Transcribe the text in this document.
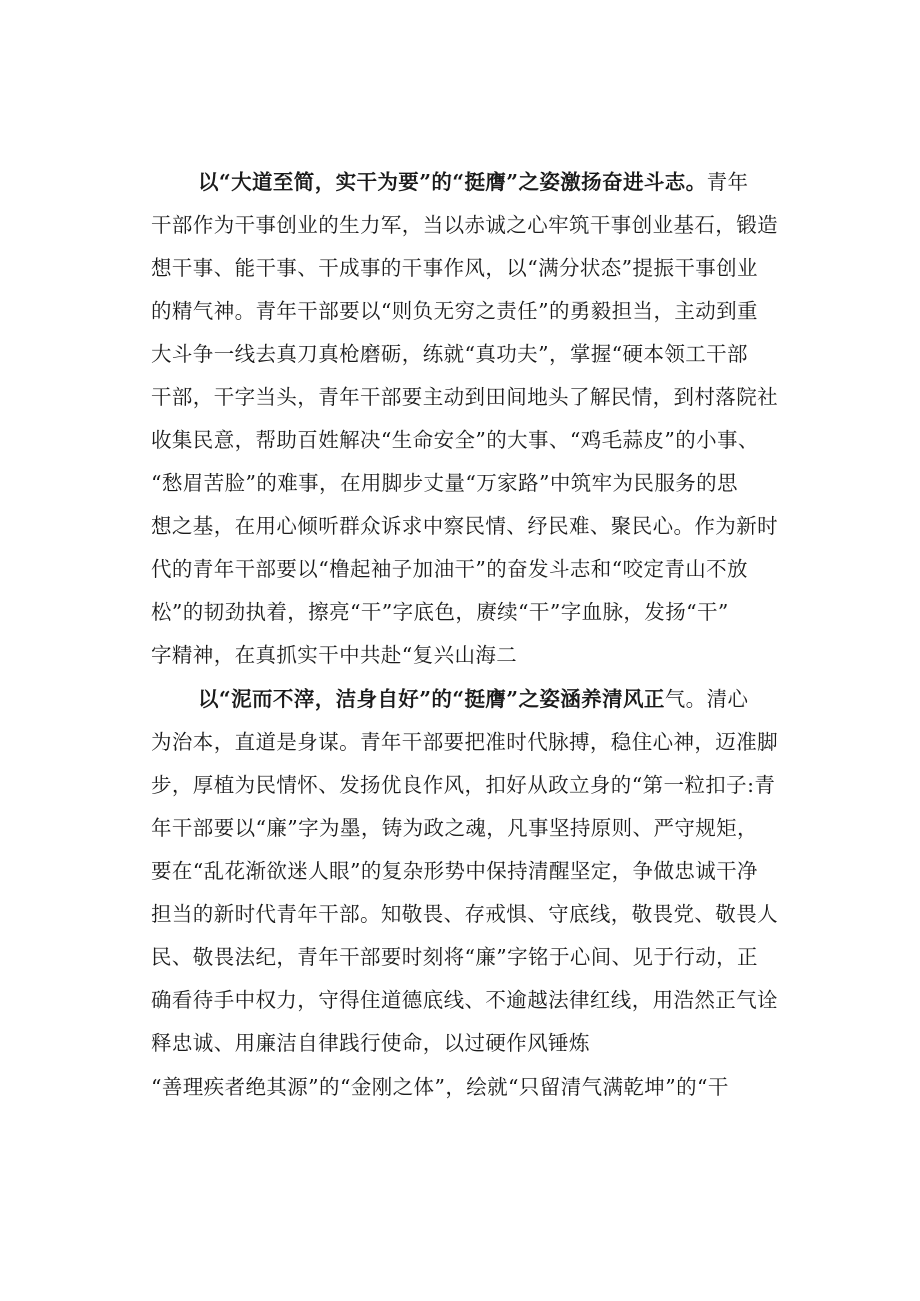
以“大道至简，实干为要”的“挺膺”之姿激扬奋进斗志。青年
干部作为干事创业的生力军，当以赤诚之心牢筑干事创业基石，锻造
想干事、能干事、干成事的干事作风，以“满分状态”提振干事创业
的精气神。青年干部要以“则负无穷之责任”的勇毅担当，主动到重
大斗争一线去真刀真枪磨砺，练就“真功夫”，掌握“硬本领工干部
干部，干字当头，青年干部要主动到田间地头了解民情，到村落院社
收集民意，帮助百姓解决“生命安全”的大事、“鸡毛蒜皮”的小事、
“愁眉苦脸”的难事，在用脚步丈量“万家路”中筑牢为民服务的思
想之基，在用心倾听群众诉求中察民情、纾民难、聚民心。作为新时
代的青年干部要以“橹起袖子加油干”的奋发斗志和“咬定青山不放
松”的韧劲执着，擦亮“干”字底色，赓续“干”字血脉，发扬“干”
字精神，在真抓实干中共赴“复兴山海二
以“泥而不滓，洁身自好”的“挺膺”之姿涵养清风正气。清心
为治本，直道是身谋。青年干部要把准时代脉搏，稳住心神，迈准脚
步，厚植为民情怀、发扬优良作风，扣好从政立身的“第一粒扣子:青
年干部要以“廉”字为墨，铸为政之魂，凡事坚持原则、严守规矩，
要在“乱花渐欲迷人眼”的复杂形势中保持清醒坚定，争做忠诚干净
担当的新时代青年干部。知敬畏、存戒惧、守底线，敬畏党、敬畏人
民、敬畏法纪，青年干部要时刻将“廉”字铭于心间、见于行动，正
确看待手中权力，守得住道德底线、不逾越法律红线，用浩然正气诠
释忠诚、用廉洁自律践行使命，以过硬作风锤炼
“善理疾者绝其源”的“金刚之体”，绘就“只留清气满乾坤”的“干
